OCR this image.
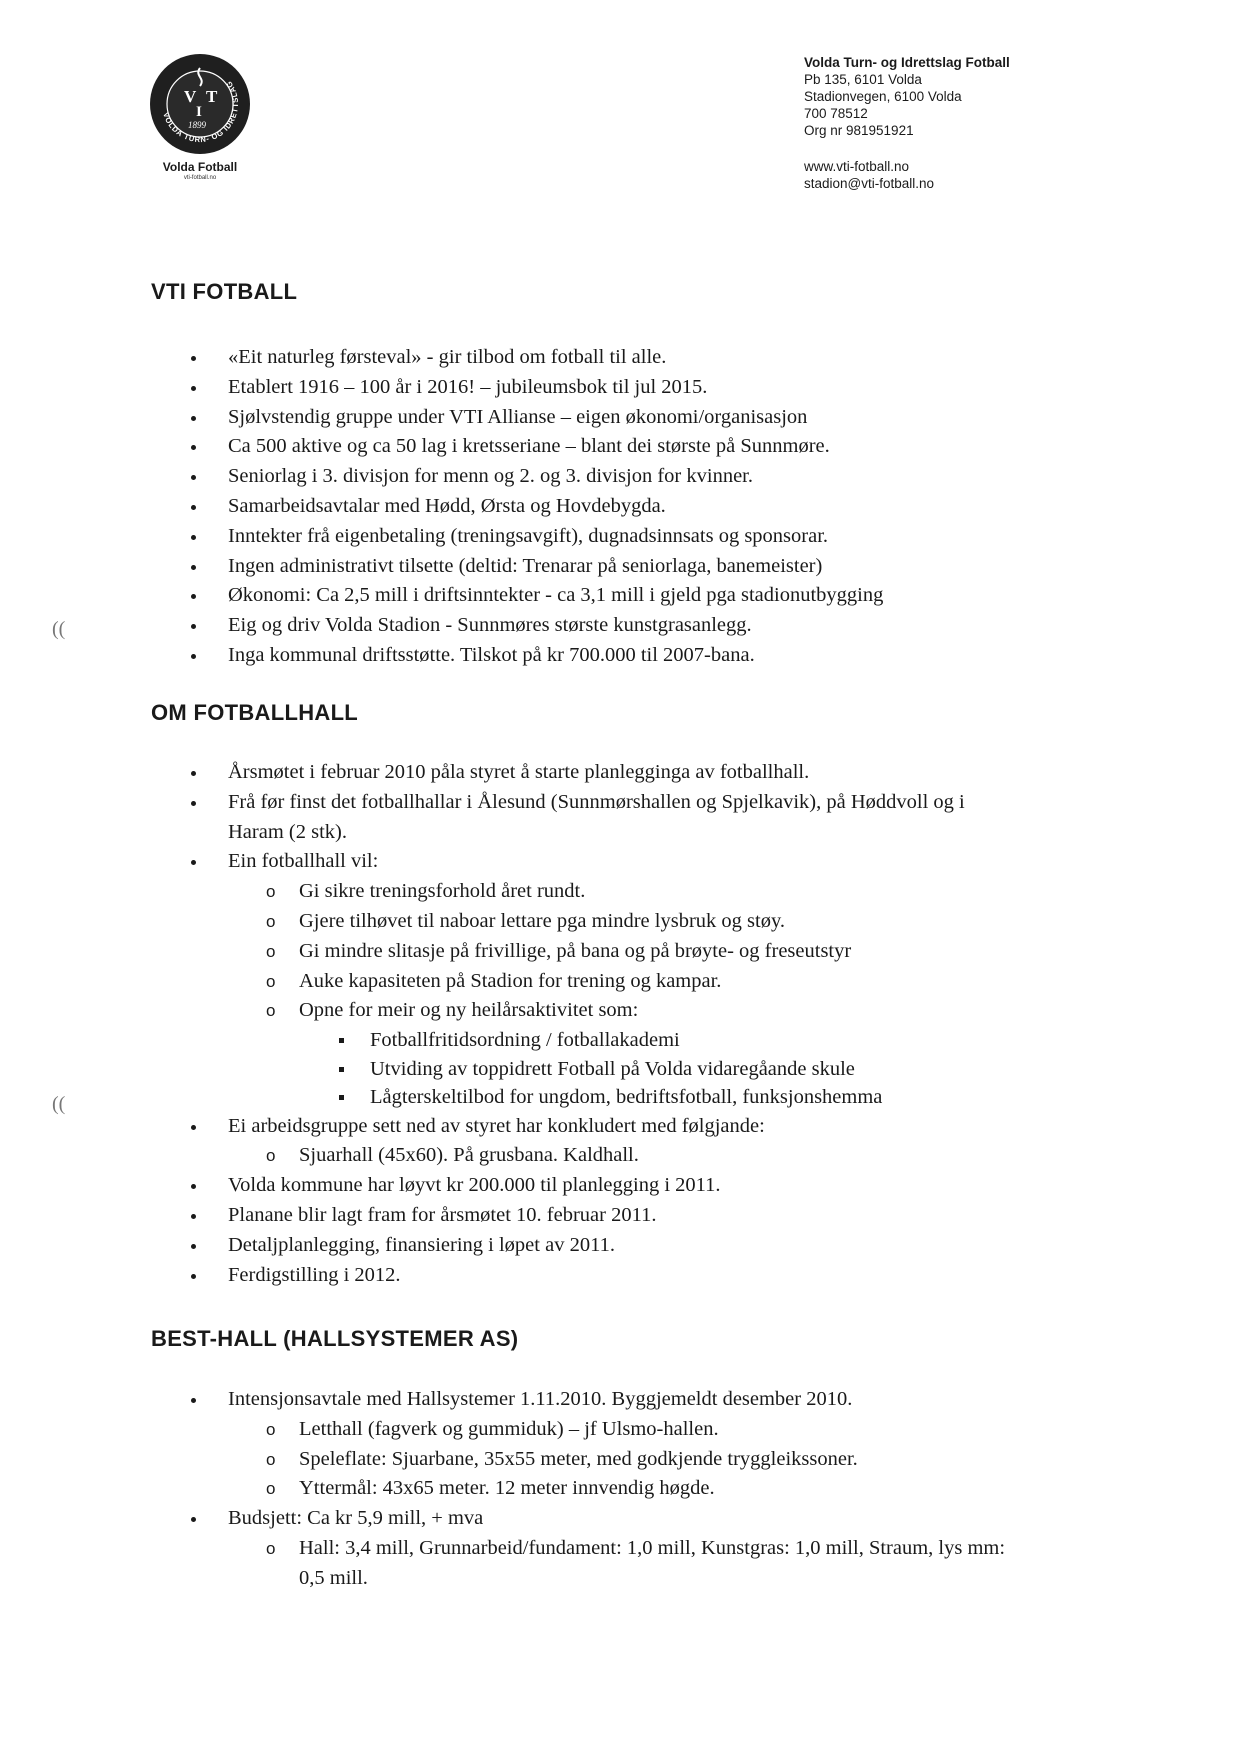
VOLDA TURN- OG IDRETTSLAG
V T
I
1899
Volda Fotball
vti-fotball.no
Volda Turn- og Idrettslag Fotball
Pb 135, 6101 Volda
Stadionvegen, 6100 Volda
700 78512
Org nr 981951921
www.vti-fotball.no
stadion@vti-fotball.no
VTI FOTBALL
«Eit naturleg førsteval» - gir tilbod om fotball til alle.
Etablert 1916 – 100 år i 2016! – jubileumsbok til jul 2015.
Sjølvstendig gruppe under VTI Allianse – eigen økonomi/organisasjon
Ca 500 aktive og ca 50 lag i kretsseriane – blant dei største på Sunnmøre.
Seniorlag i 3. divisjon for menn og 2. og 3. divisjon for kvinner.
Samarbeidsavtalar med Hødd, Ørsta og Hovdebygda.
Inntekter frå eigenbetaling (treningsavgift), dugnadsinnsats og sponsorar.
Ingen administrativt tilsette (deltid: Trenarar på seniorlaga, banemeister)
Økonomi: Ca 2,5 mill i driftsinntekter - ca 3,1 mill i gjeld pga stadionutbygging
Eig og driv Volda Stadion - Sunnmøres største kunstgrasanlegg.
Inga kommunal driftsstøtte. Tilskot på kr 700.000 til 2007-bana.
OM FOTBALLHALL
Årsmøtet i februar 2010 påla styret å starte planlegginga av fotballhall.
Frå før finst det fotballhallar i Ålesund (Sunnmørshallen og Spjelkavik), på Høddvoll og i Haram (2 stk).
Ein fotballhall vil:
o Gi sikre treningsforhold året rundt.
o Gjere tilhøvet til naboar lettare pga mindre lysbruk og støy.
o Gi mindre slitasje på frivillige, på bana og på brøyte- og freseutstyr
o Auke kapasiteten på Stadion for trening og kampar.
o Opne for meir og ny heilårsaktivitet som:
Fotballfritidsordning / fotballakademi
Utviding av toppidrett Fotball på Volda vidaregåande skule
Lågterskeltilbod for ungdom, bedriftsfotball, funksjonshemma
Ei arbeidsgruppe sett ned av styret har konkludert med følgjande:
o Sjuarhall (45x60). På grusbana. Kaldhall.
Volda kommune har løyvt kr 200.000 til planlegging i 2011.
Planane blir lagt fram for årsmøtet 10. februar 2011.
Detaljplanlegging, finansiering i løpet av 2011.
Ferdigstilling i 2012.
BEST-HALL (HALLSYSTEMER AS)
Intensjonsavtale med Hallsystemer 1.11.2010. Byggjemeldt desember 2010.
o Letthall (fagverk og gummiduk) – jf Ulsmo-hallen.
o Speleflate: Sjuarbane, 35x55 meter, med godkjende tryggleikssoner.
o Yttermål: 43x65 meter. 12 meter innvendig høgde.
Budsjett: Ca kr 5,9 mill, + mva
o Hall: 3,4 mill, Grunnarbeid/fundament: 1,0 mill, Kunstgras: 1,0 mill, Straum, lys mm: 0,5 mill.
((
((
